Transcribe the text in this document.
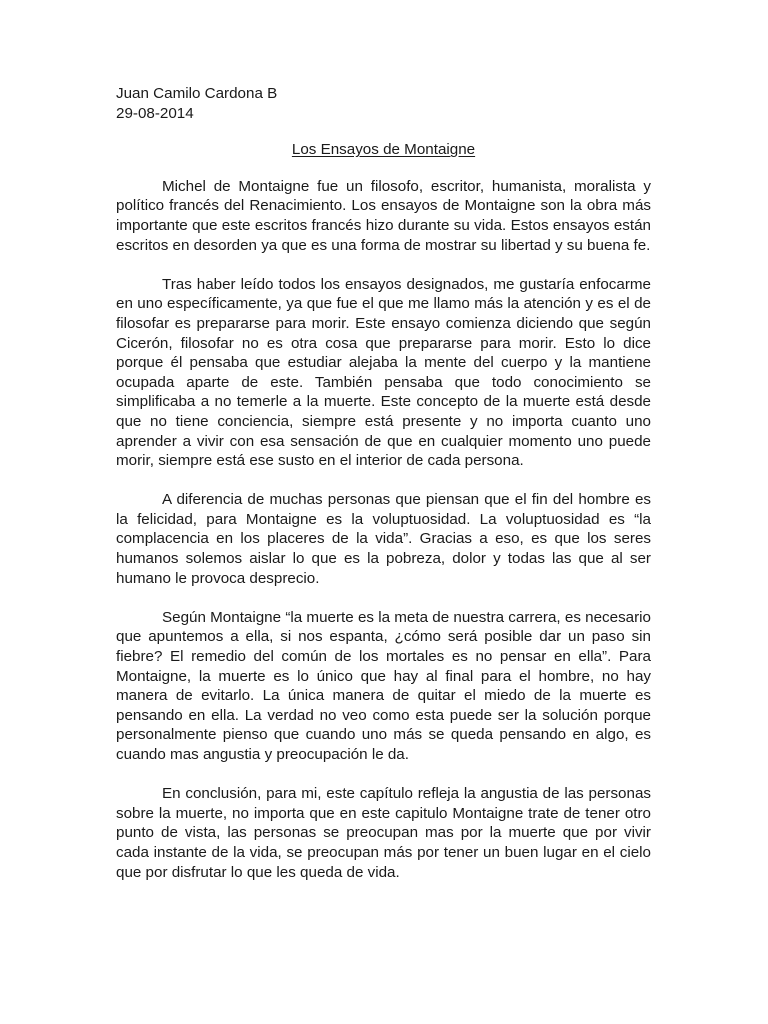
Juan Camilo Cardona B

29-08-2014

Los Ensayos de Montaigne

Michel de Montaigne fue un filosofo, escritor, humanista, moralista y político francés del Renacimiento. Los ensayos de Montaigne son la obra más importante que este escritos francés hizo durante su vida. Estos ensayos están escritos en desorden ya que es una forma de mostrar su libertad y su buena fe.

Tras haber leído todos los ensayos designados, me gustaría enfocarme en uno específicamente, ya que fue el que me llamo más la atención y es el de filosofar es prepararse para morir. Este ensayo comienza diciendo que según Cicerón, filosofar no es otra cosa que prepararse para morir. Esto lo dice porque él pensaba que estudiar alejaba la mente del cuerpo y la mantiene ocupada aparte de este. También pensaba que todo conocimiento se simplificaba a no temerle a la muerte. Este concepto de la muerte está desde que no tiene conciencia, siempre está presente y no importa cuanto uno aprender a vivir con esa sensación de que en cualquier momento uno puede morir, siempre está ese susto en el interior de cada persona.

A diferencia de muchas personas que piensan que el fin del hombre es la felicidad, para Montaigne es la voluptuosidad. La voluptuosidad es “la complacencia en los placeres de la vida”. Gracias a eso, es que los seres humanos solemos aislar lo que es la pobreza, dolor y todas las que al ser humano le provoca desprecio.

Según Montaigne “la muerte es la meta de nuestra carrera, es necesario que apuntemos a ella, si nos espanta, ¿cómo será posible dar un paso sin fiebre? El remedio del común de los mortales es no pensar en ella”. Para Montaigne, la muerte es lo único que hay al final para el hombre, no hay manera de evitarlo. La única manera de quitar el miedo de la muerte es pensando en ella. La verdad no veo como esta puede ser la solución porque personalmente pienso que cuando uno más se queda pensando en algo, es cuando mas angustia y preocupación le da.

En conclusión, para mi, este capítulo refleja la angustia de las personas sobre la muerte, no importa que en este capitulo Montaigne trate de tener otro punto de vista, las personas se preocupan mas por la muerte que por vivir cada instante de la vida, se preocupan más por tener un buen lugar en el cielo que por disfrutar lo que les queda de vida.
